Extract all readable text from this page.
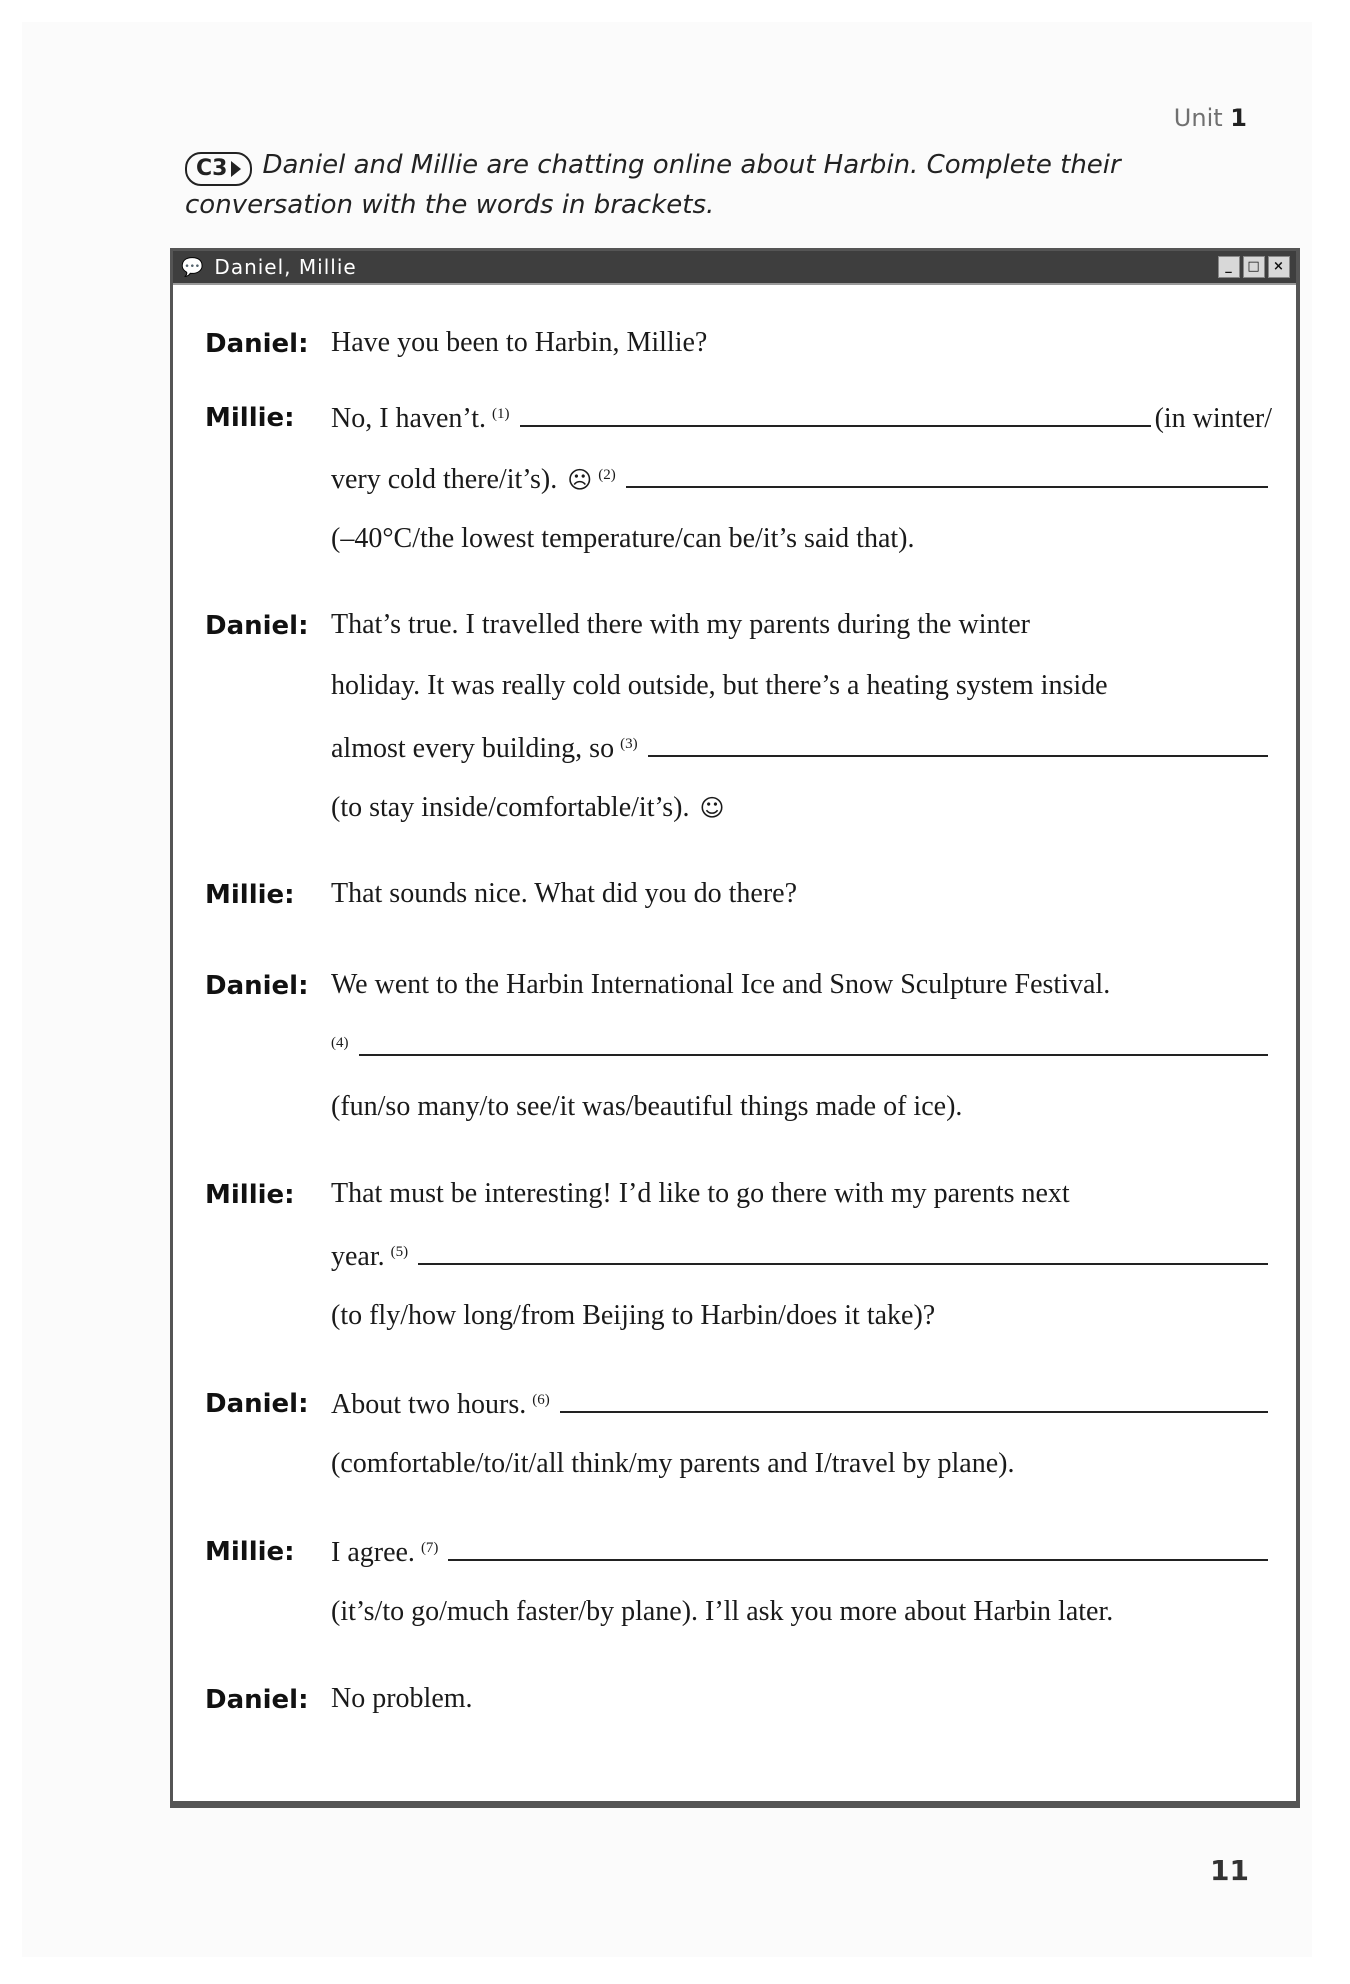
Unit 1
C3 Daniel and Millie are chatting online about Harbin. Complete their conversation with the words in brackets.
💬 Daniel, Millie	_	□ ×
Daniel: Have you been to Harbin, Millie?
Millie:	No, I haven’t. (1)	(in winter/
very cold there/it’s). ☹ (2)
(–40°C/the lowest temperature/can be/it’s said that).
Daniel: That’s true. I travelled there with my parents during the winter
holiday. It was really cold outside, but there’s a heating system inside
almost every building, so (3)
(to stay inside/comfortable/it’s). ☺
Millie:	That sounds nice. What did you do there?
Daniel: We went to the Harbin International Ice and Snow Sculpture Festival.
(4)
(fun/so many/to see/it was/beautiful things made of ice).
Millie:	That must be interesting! I’d like to go there with my parents next
year. (5)
(to fly/how long/from Beijing to Harbin/does it take)?
Daniel: About two hours. (6)
(comfortable/to/it/all think/my parents and I/travel by plane).
Millie:	I agree. (7)
(it’s/to go/much faster/by plane). I’ll ask you more about Harbin later.
Daniel: No problem.
11
